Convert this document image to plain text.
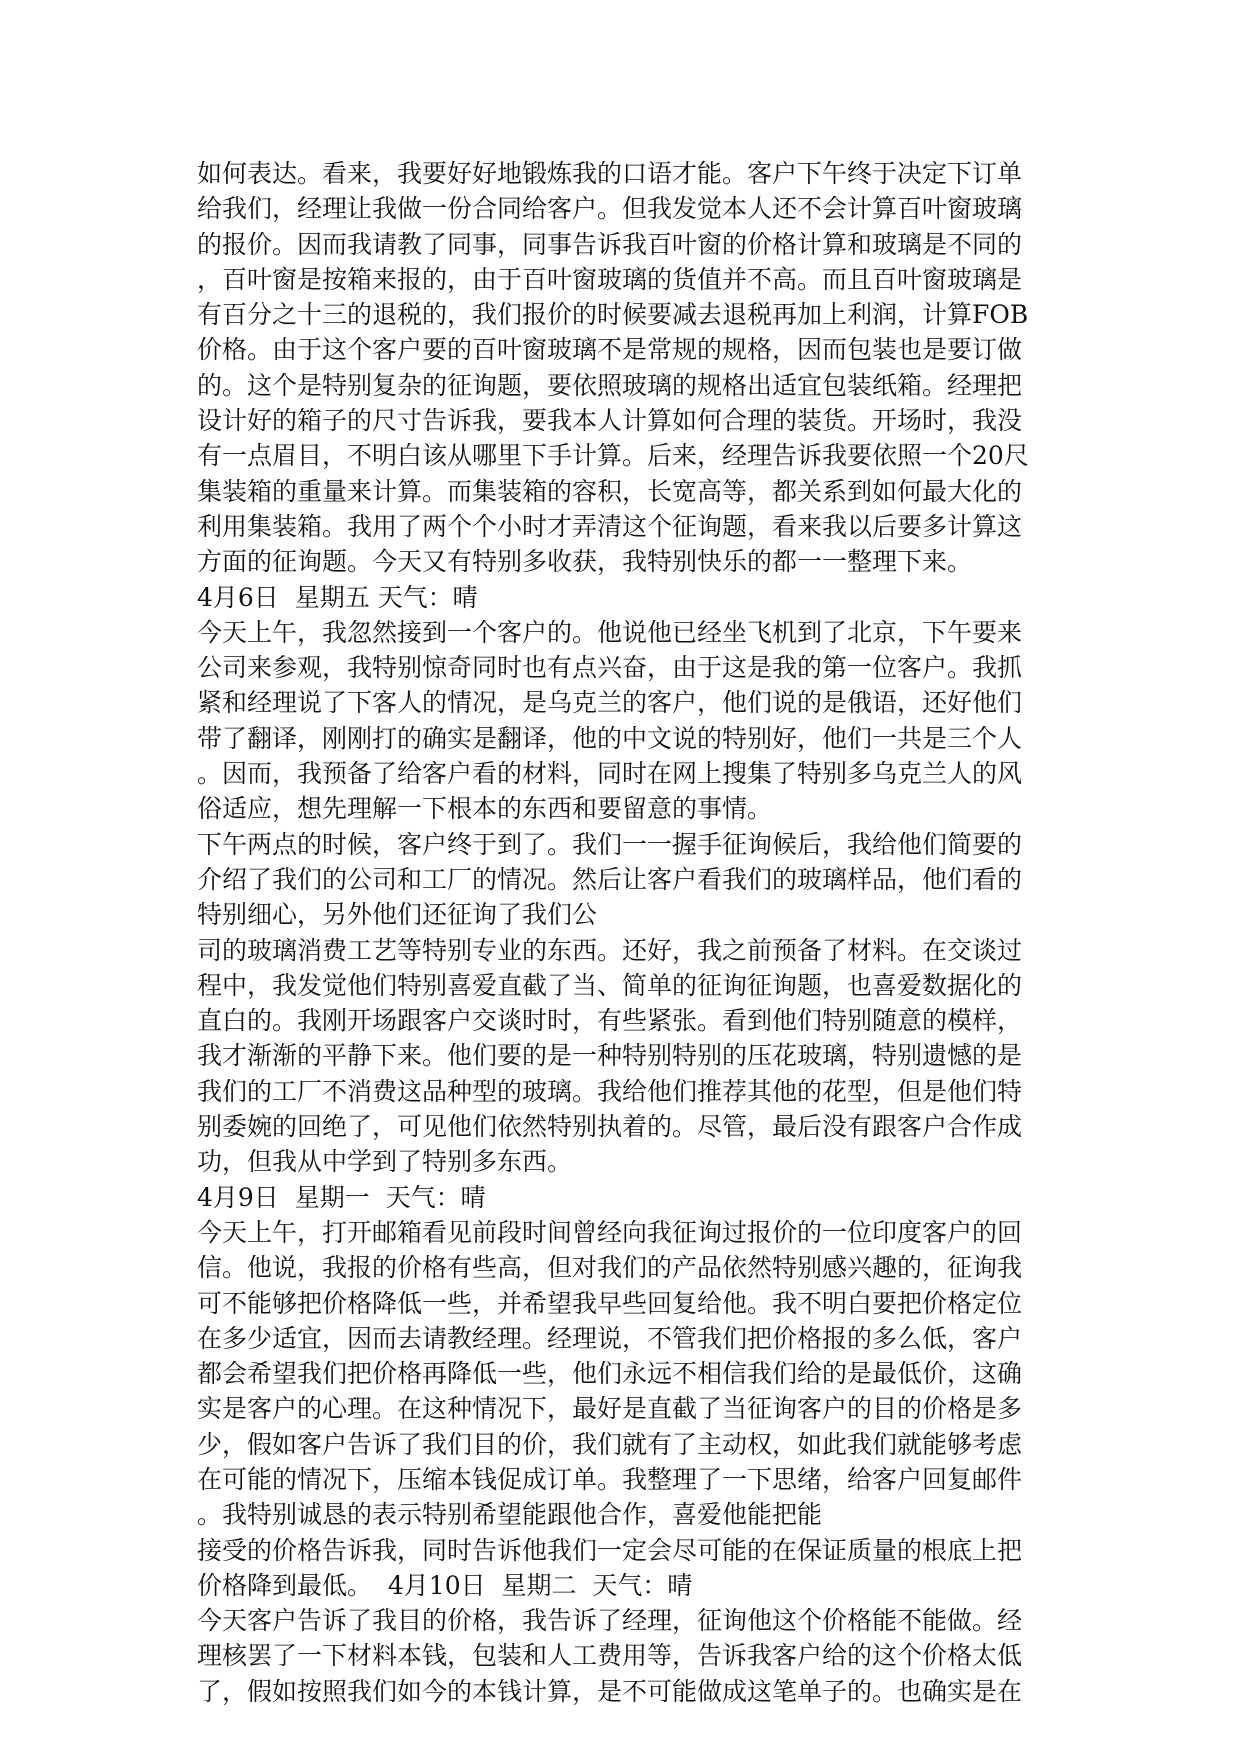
如何表达。看来，我要好好地锻炼我的口语才能。客户下午终于决定下订单
给我们，经理让我做一份合同给客户。但我发觉本人还不会计算百叶窗玻璃
的报价。因而我请教了同事，同事告诉我百叶窗的价格计算和玻璃是不同的
，百叶窗是按箱来报的，由于百叶窗玻璃的货值并不高。而且百叶窗玻璃是
有百分之十三的退税的，我们报价的时候要减去退税再加上利润，计算FOB
价格。由于这个客户要的百叶窗玻璃不是常规的规格，因而包装也是要订做
的。这个是特别复杂的征询题，要依照玻璃的规格出适宜包装纸箱。经理把
设计好的箱子的尺寸告诉我，要我本人计算如何合理的装货。开场时，我没
有一点眉目，不明白该从哪里下手计算。后来，经理告诉我要依照一个20尺
集装箱的重量来计算。而集装箱的容积，长宽高等，都关系到如何最大化的
利用集装箱。我用了两个个小时才弄清这个征询题，看来我以后要多计算这
方面的征询题。今天又有特别多收获，我特别快乐的都一一整理下来。
4月6日  星期五 天气：晴
今天上午，我忽然接到一个客户的。他说他已经坐飞机到了北京，下午要来
公司来参观，我特别惊奇同时也有点兴奋，由于这是我的第一位客户。我抓
紧和经理说了下客人的情况，是乌克兰的客户，他们说的是俄语，还好他们
带了翻译，刚刚打的确实是翻译，他的中文说的特别好，他们一共是三个人
。因而，我预备了给客户看的材料，同时在网上搜集了特别多乌克兰人的风
俗适应，想先理解一下根本的东西和要留意的事情。
下午两点的时候，客户终于到了。我们一一握手征询候后，我给他们简要的
介绍了我们的公司和工厂的情况。然后让客户看我们的玻璃样品，他们看的
特别细心，另外他们还征询了我们公
司的玻璃消费工艺等特别专业的东西。还好，我之前预备了材料。在交谈过
程中，我发觉他们特别喜爱直截了当、简单的征询征询题，也喜爱数据化的
直白的。我刚开场跟客户交谈时时，有些紧张。看到他们特别随意的模样，
我才渐渐的平静下来。他们要的是一种特别特别的压花玻璃，特别遗憾的是
我们的工厂不消费这品种型的玻璃。我给他们推荐其他的花型，但是他们特
别委婉的回绝了，可见他们依然特别执着的。尽管，最后没有跟客户合作成
功，但我从中学到了特别多东西。
4月9日  星期一  天气：晴
今天上午，打开邮箱看见前段时间曾经向我征询过报价的一位印度客户的回
信。他说，我报的价格有些高，但对我们的产品依然特别感兴趣的，征询我
可不能够把价格降低一些，并希望我早些回复给他。我不明白要把价格定位
在多少适宜，因而去请教经理。经理说，不管我们把价格报的多么低，客户
都会希望我们把价格再降低一些，他们永远不相信我们给的是最低价，这确
实是客户的心理。在这种情况下，最好是直截了当征询客户的目的价格是多
少，假如客户告诉了我们目的价，我们就有了主动权，如此我们就能够考虑
在可能的情况下，压缩本钱促成订单。我整理了一下思绪，给客户回复邮件
。我特别诚恳的表示特别希望能跟他合作，喜爱他能把能
接受的价格告诉我，同时告诉他我们一定会尽可能的在保证质量的根底上把
价格降到最低。  4月10日  星期二  天气：晴
今天客户告诉了我目的价格，我告诉了经理，征询他这个价格能不能做。经
理核罢了一下材料本钱，包装和人工费用等，告诉我客户给的这个价格太低
了，假如按照我们如今的本钱计算，是不可能做成这笔单子的。也确实是在
